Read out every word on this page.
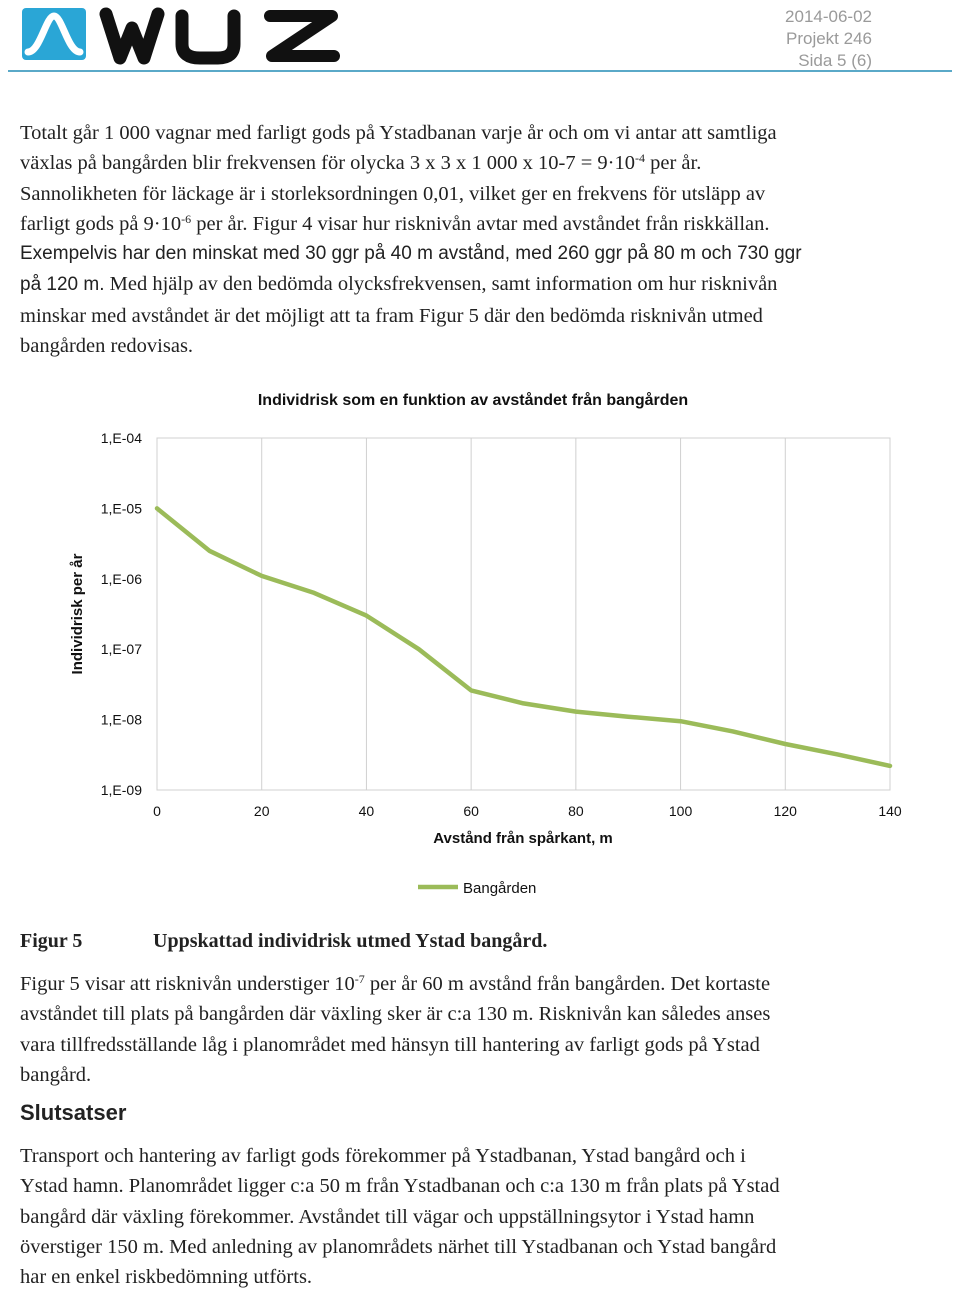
2014-06-02
Projekt 246
Sida 5 (6)
Totalt går 1 000 vagnar med farligt gods på Ystadbanan varje år och om vi antar att samtliga
växlas på bangården blir frekvensen för olycka 3 x 3 x 1 000 x $10-7 = 9\cdot 10^{-4}$ per år.
Sannolikheten för läckage är i storleksordningen 0,01, vilket ger en frekvens för utsläpp av
farligt gods på $9\cdot 10^{-6}$ per år. Figur 4 visar hur risknivån avtar med avståndet från riskkällan.
Exempelvis har den minskat med 30 ggr på 40 m avstånd, med 260 ggr på 80 m och 730 ggr
på 120 m. Med hjälp av den bedömda olycksfrekvensen, samt information om hur risknivån
minskar med avståndet är det möjligt att ta fram Figur 5 där den bedömda risknivån utmed
bangården redovisas.
Individrisk som en funktion av avståndet från bangården
1,E-04
1,E-05
1,E-06
1,E-07
1,E-08
1,E-09
0	20	40	60	80	100	120	140
Avstånd från spårkant, m
Individrisk per år
Bangården
Figur 5	Uppskattad individrisk utmed Ystad bangård.
Figur 5 visar att risknivån understiger $10^{-7}$ per år 60 m avstånd från bangården. Det kortaste
avståndet till plats på bangården där växling sker är c:a 130 m. Risknivån kan således anses
vara tillfredsställande låg i planområdet med hänsyn till hantering av farligt gods på Ystad
bangård.
Slutsatser
Transport och hantering av farligt gods förekommer på Ystadbanan, Ystad bangård och i
Ystad hamn. Planområdet ligger c:a 50 m från Ystadbanan och c:a 130 m från plats på Ystad
bangård där växling förekommer. Avståndet till vägar och uppställningsytor i Ystad hamn
överstiger 150 m. Med anledning av planområdets närhet till Ystadbanan och Ystad bangård
har en enkel riskbedömning utförts.
